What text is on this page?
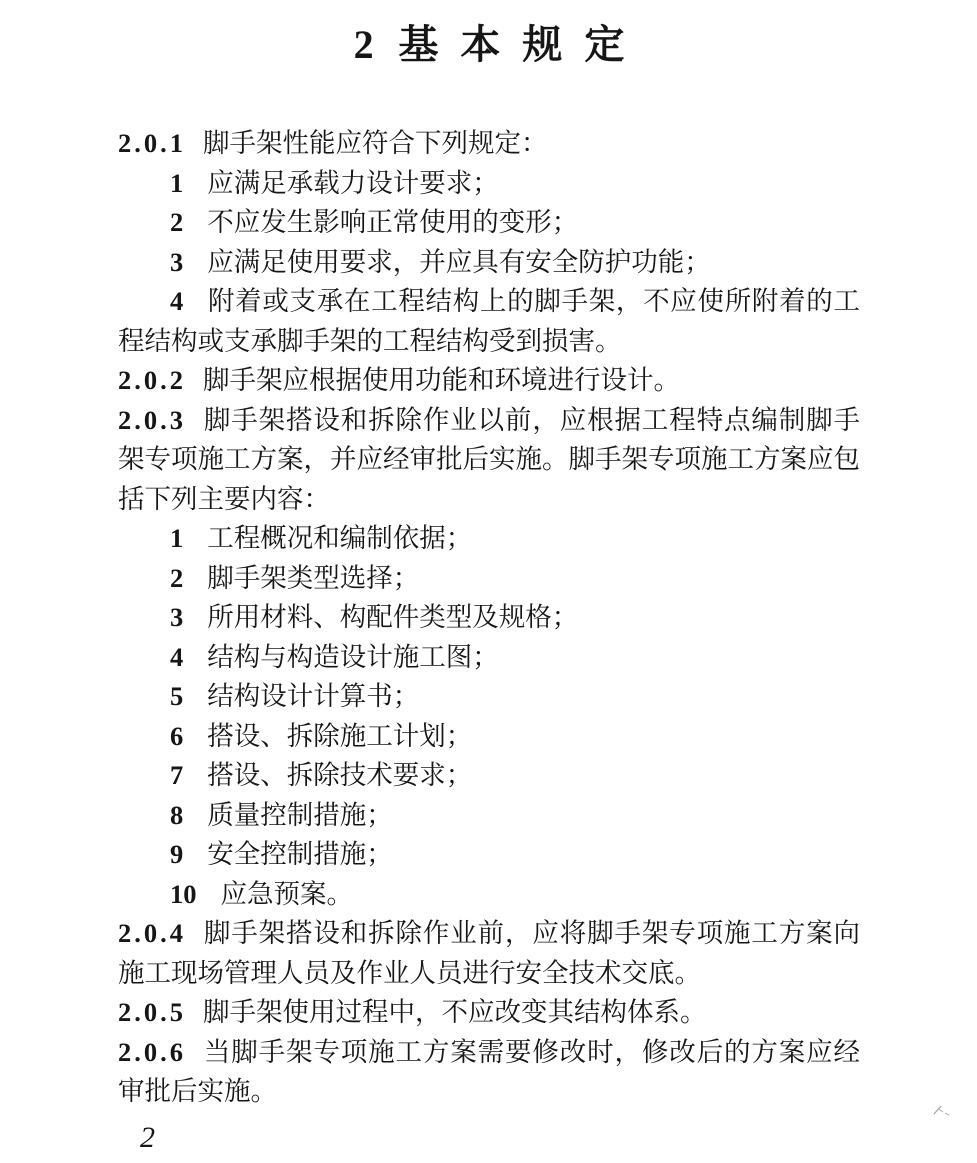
2 基本规定

2.0.1 脚手架性能应符合下列规定：

1 应满足承载力设计要求；

2 不应发生影响正常使用的变形；

3 应满足使用要求，并应具有安全防护功能；

4 附着或支承在工程结构上的脚手架，不应使所附着的工程结构或支承脚手架的工程结构受到损害。

2.0.2 脚手架应根据使用功能和环境进行设计。

2.0.3 脚手架搭设和拆除作业以前，应根据工程特点编制脚手架专项施工方案，并应经审批后实施。脚手架专项施工方案应包括下列主要内容：

1 工程概况和编制依据；

2 脚手架类型选择；

3 所用材料、构配件类型及规格；

4 结构与构造设计施工图；

5 结构设计计算书；

6 搭设、拆除施工计划；

7 搭设、拆除技术要求；

8 质量控制措施；

9 安全控制措施；

10 应急预案。

2.0.4 脚手架搭设和拆除作业前，应将脚手架专项施工方案向施工现场管理人员及作业人员进行安全技术交底。

2.0.5 脚手架使用过程中，不应改变其结构体系。

2.0.6 当脚手架专项施工方案需要修改时，修改后的方案应经审批后实施。

2
